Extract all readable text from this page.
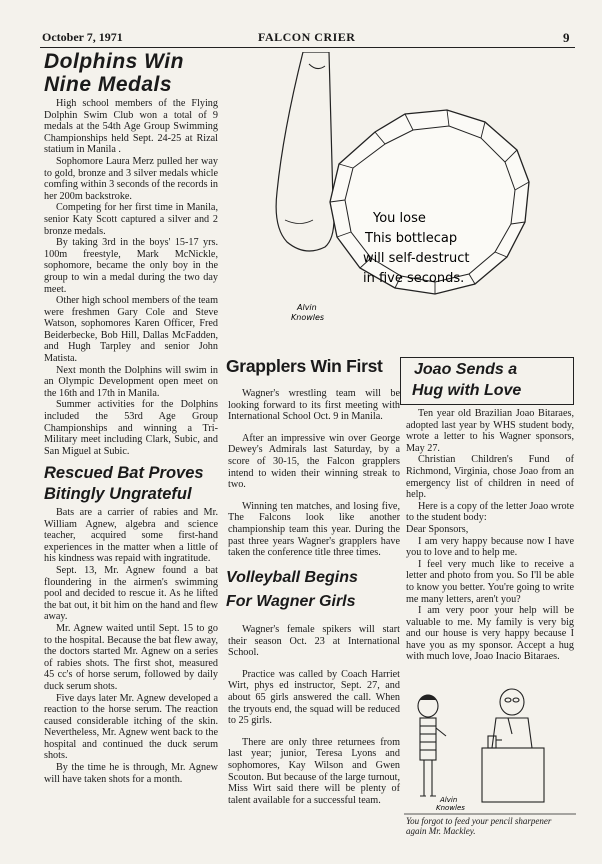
October 7, 1971	FALCON CRIER	9
Dolphins Win Nine Medals

High school members of the Flying Dolphin Swim Club won a total of 9 medals at the 54th Age Group Swimming Championships held Sept. 24-25 at Rizal statium in Manila .

Sophomore Laura Merz pulled her way to gold, bronze and 3 silver medals whicle comfing within 3 seconds of the records in her 200m backstroke.

Competing for her first time in Manila, senior Katy Scott captured a silver and 2 bronze medals.

By taking 3rd in the boys' 15-17 yrs. 100m freestyle, Mark McNickle, sophomore, became the only boy in the group to win a medal during the two day meet.

Other high school members of the team were freshmen Gary Cole and Steve Watson, sophomores Karen Officer, Fred Beiderbecke, Bob Hill, Dallas McFadden, and Hugh Tarpley and senior John Matista.

Next month the Dolphins will swim in an Olympic Development open meet on the 16th and 17th in Manila.

Summer activities for the Dolphins included the 53rd Age Group Championships and winning a Tri-Military meet including Clark, Subic, and San Miguel at Subic.

Rescued Bat Proves Bitingly Ungrateful

Bats are a carrier of rabies and Mr. William Agnew, algebra and science teacher, acquired some first-hand experiences in the matter when a little of his kindness was repaid with ingratitude.

Sept. 13, Mr. Agnew found a bat floundering in the airmen's swimming pool and decided to rescue it. As he lifted the bat out, it bit him on the hand and flew away.

Mr. Agnew waited until Sept. 15 to go to the hospital. Because the bat flew away, the doctors started Mr. Agnew on a series of rabies shots. The first shot, measured 45 cc's of horse serum, followed by daily duck serum shots.

Five days later Mr. Agnew developed a reaction to the horse serum. The reaction caused considerable itching of the skin. Nevertheless, Mr. Agnew went back to the hospital and continued the duck serum shots.

By the time he is through, Mr. Agnew will have taken shots for a month.

You lose
This bottlecap
will self-destruct
in five seconds.
Alvin
Knowles
Grapplers Win First

Wagner's wrestling team will be looking forward to its first meeting with International School Oct. 9 in Manila.

After an impressive win over George Dewey's Admirals last Saturday, by a score of 30-15, the Falcon grapplers intend to widen their winning streak to two.

Winning ten matches, and losing five, The Falcons look like another championship team this year. During the past three years Wagner's grapplers have taken the conference title three times.

Volleyball Begins
For Wagner Girls

Wagner's female spikers will start their season Oct. 23 at International School.

Practice was called by Coach Harriet Wirt, phys ed instructor, Sept. 27, and about 65 girls answered the call. When the tryouts end, the squad will be reduced to 25 girls.

There are only three returnees from last year; junior, Teresa Lyons and sophomores, Kay Wilson and Gwen Scouton. But because of the large turnout, Miss Wirt said there will be plenty of talent available for a successful team.

Joao Sends a
Hug with Love

Ten year old Brazilian Joao Bitaraes, adopted last year by WHS student body, wrote a letter to his Wagner sponsors, May 27.

Christian Children's Fund of Richmond, Virginia, chose Joao from an emergency list of children in need of help.

Here is a copy of the letter Joao wrote to the student body:

Dear Sponsors,

I am very happy because now I have you to love and to help me.

I feel very much like to receive a letter and photo from you. So I'll be able to know you better. You're going to write me many letters, aren't you?

I am very poor your help will be valuable to me. My family is very big and our house is very happy because I have you as my sponsor. Accept a hug with much love, Joao Inacio Bitaraes.

Alvin
Knowles
You forgot to feed your pencil sharpener again Mr. Mackley.
